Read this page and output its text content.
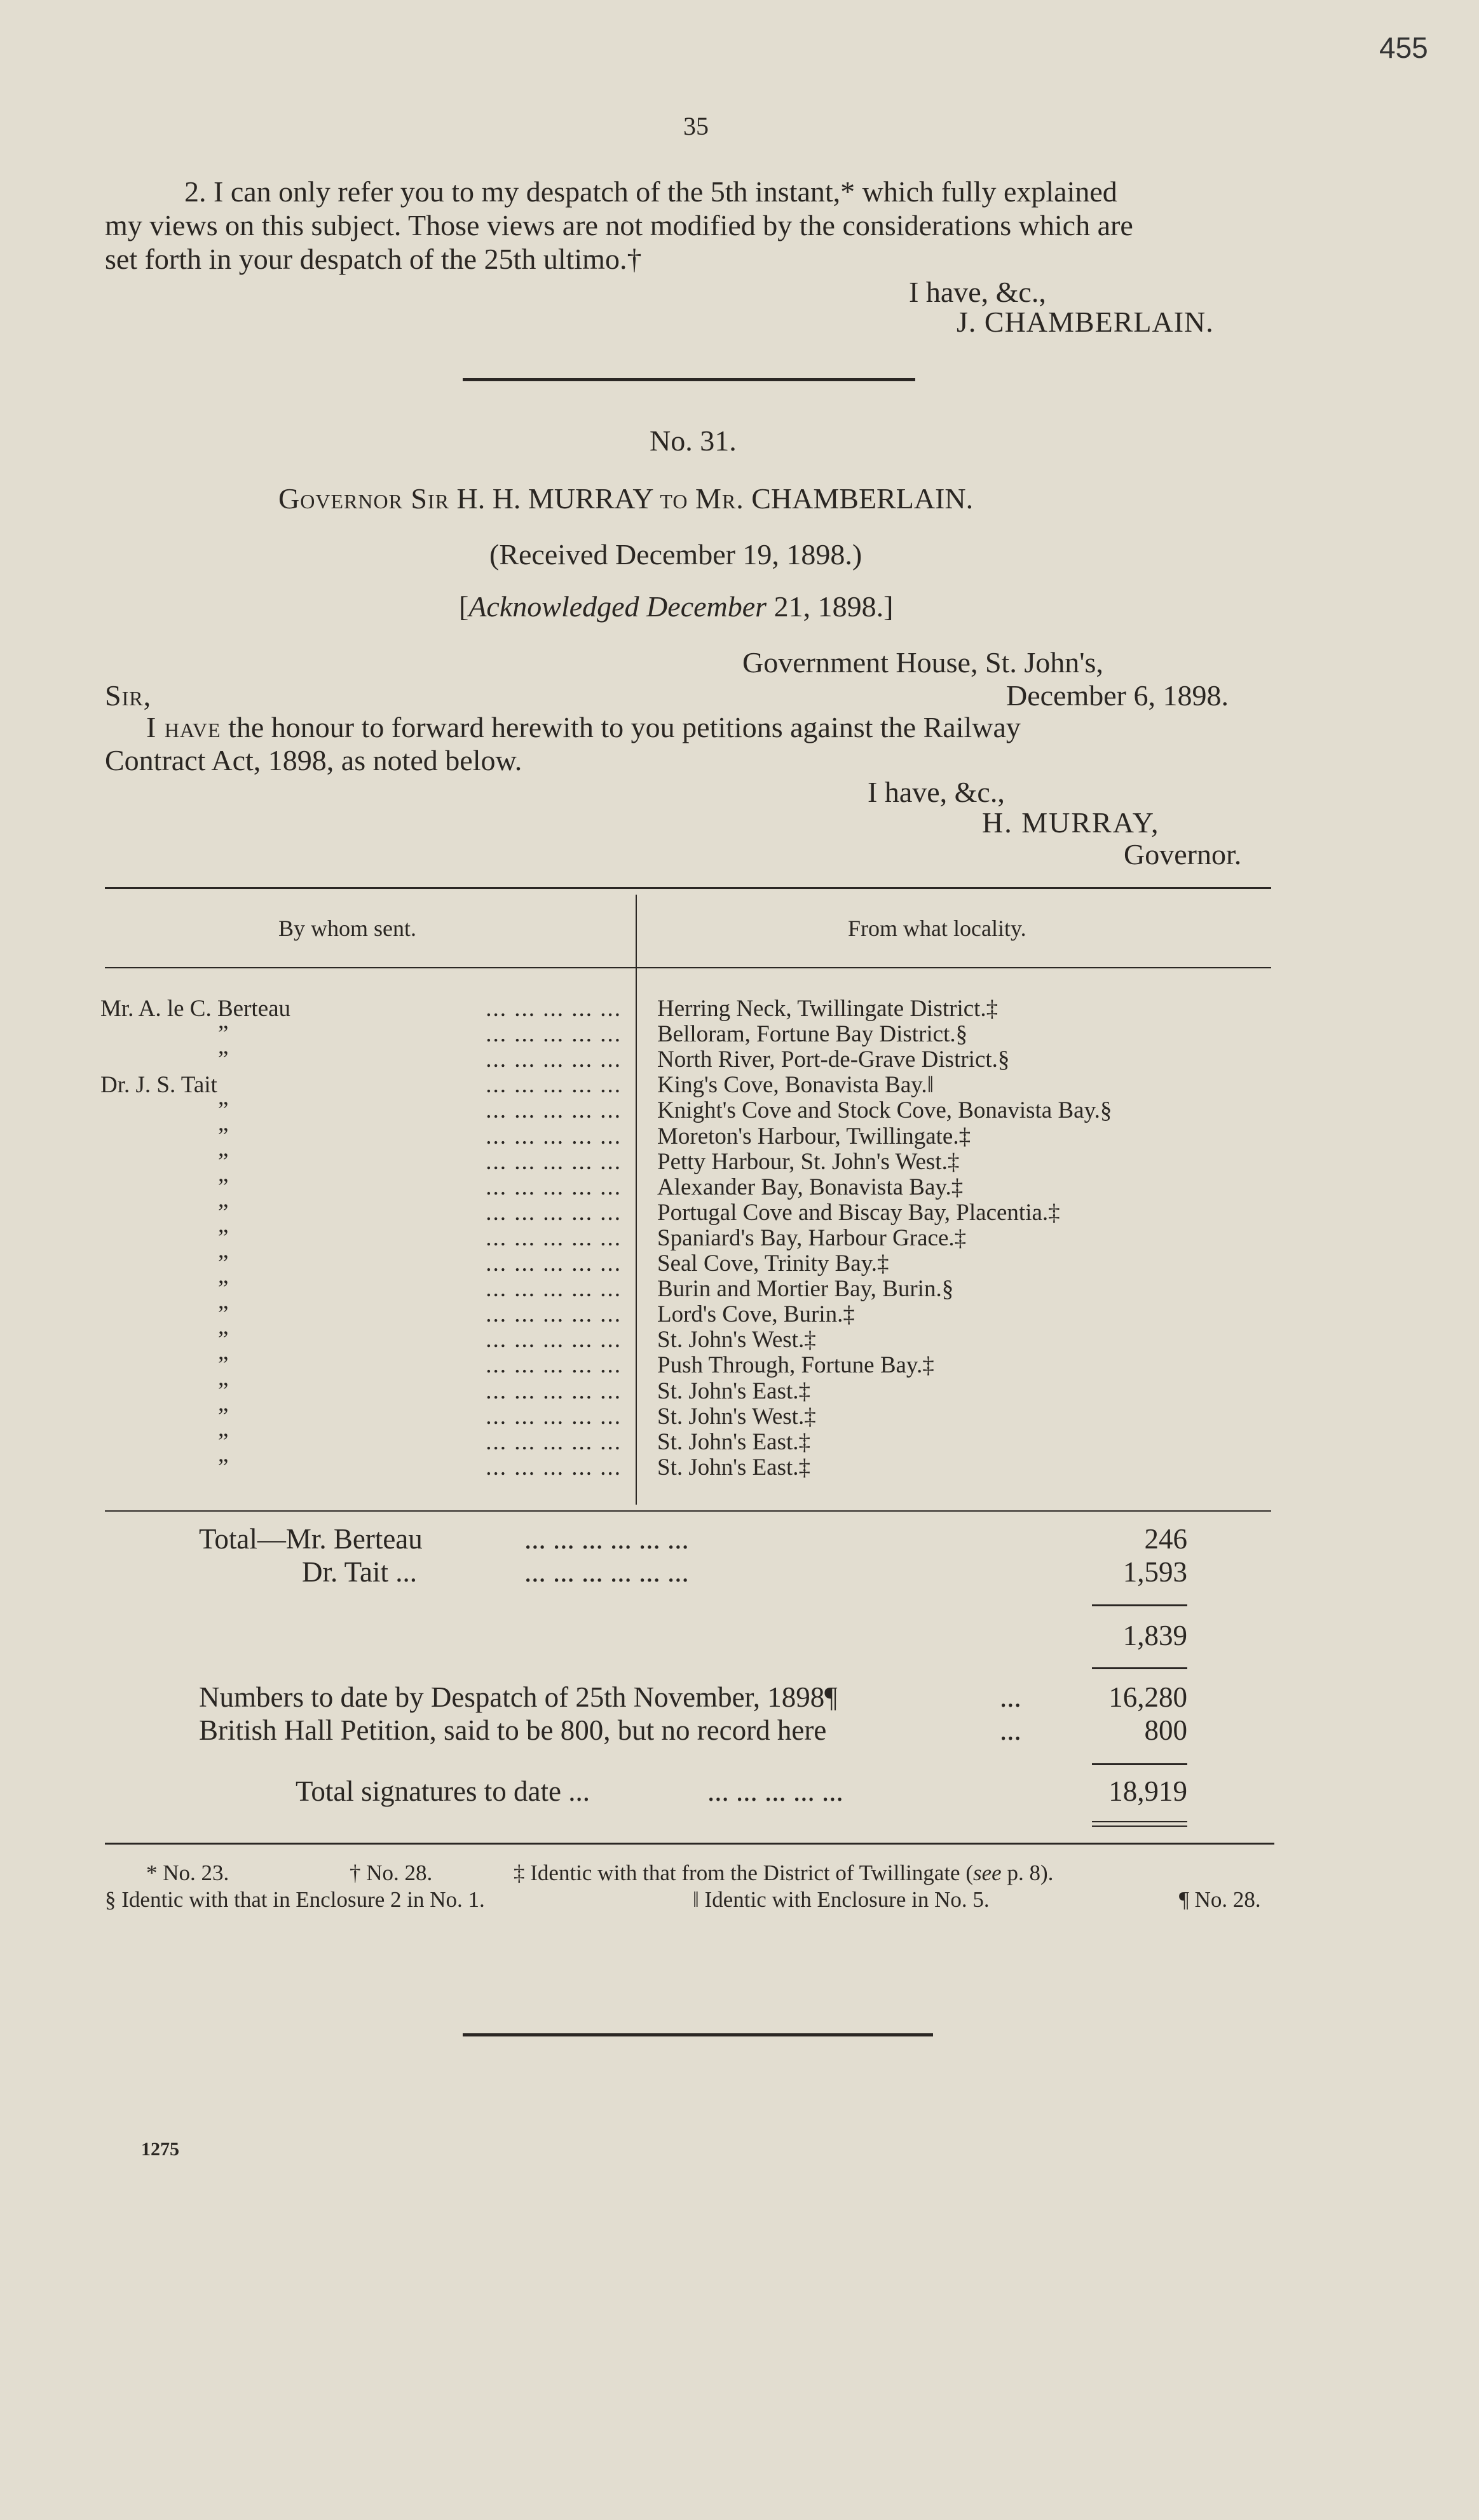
455
35
2. I can only refer you to my despatch of the 5th instant,* which fully explained
my views on this subject. Those views are not modified by the considerations which are
set forth in your despatch of the 25th ultimo.†
I have, &c.,
J. CHAMBERLAIN.
No. 31.
Governor Sir H. H. MURRAY to Mr. CHAMBERLAIN.
(Received December 19, 1898.)
[Acknowledged December 21, 1898.]
Government House, St. John's,
Sir,	December 6, 1898.
I have the honour to forward herewith to you petitions against the Railway
Contract Act, 1898, as noted below.
I have, &c.,
H. MURRAY,
Governor.
By whom sent.	From what locality.
Mr. A. le C. Berteau	... ... ... ... ... Herring Neck, Twillingate District.‡
”	... ... ... ... ... Belloram, Fortune Bay District.§
”	... ... ... ... ... North River, Port-de-Grave District.§
Dr. J. S. Tait	... ... ... ... ... King's Cove, Bonavista Bay.‖
”	... ... ... ... ... Knight's Cove and Stock Cove, Bonavista Bay.§
”	... ... ... ... ... Moreton's Harbour, Twillingate.‡
”	... ... ... ... ... Petty Harbour, St. John's West.‡
”	... ... ... ... ... Alexander Bay, Bonavista Bay.‡
”	... ... ... ... ... Portugal Cove and Biscay Bay, Placentia.‡
”	... ... ... ... ... Spaniard's Bay, Harbour Grace.‡
”	... ... ... ... ... Seal Cove, Trinity Bay.‡
”	... ... ... ... ... Burin and Mortier Bay, Burin.§
”	... ... ... ... ... Lord's Cove, Burin.‡
”	... ... ... ... ... St. John's West.‡
”	... ... ... ... ... Push Through, Fortune Bay.‡
”	... ... ... ... ... St. John's East.‡
”	... ... ... ... ... St. John's West.‡
”	... ... ... ... ... St. John's East.‡
”	... ... ... ... ... St. John's East.‡
Total—Mr. Berteau	... ... ... ... ... ...	246
Dr. Tait ...	... ... ... ... ... ...	1,593
1,839
Numbers to date by Despatch of 25th November, 1898¶	...	16,280
British Hall Petition, said to be 800, but no record here	...	800
Total signatures to date ...	... ... ... ... ...	18,919
* No. 23.	† No. 28.	‡ Identic with that from the District of Twillingate (see p. 8).
§ Identic with that in Enclosure 2 in No. 1.	‖ Identic with Enclosure in No. 5.	¶ No. 28.
1275
